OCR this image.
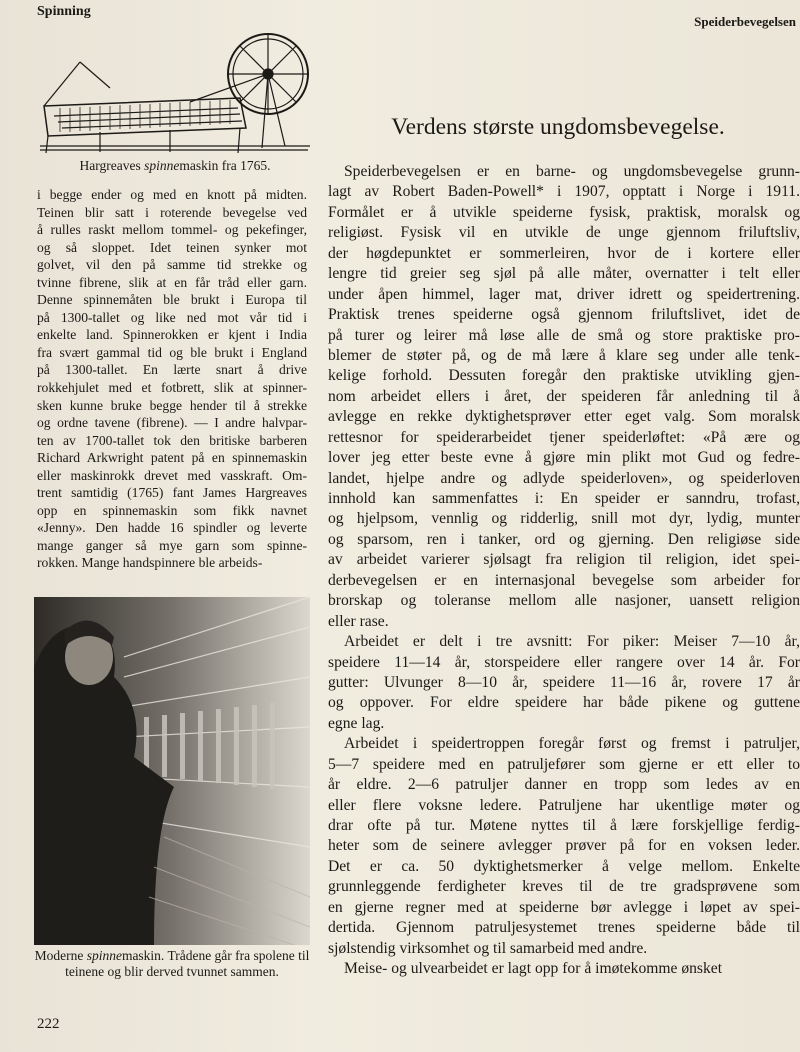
Spinning
Speiderbevegelsen
Hargreaves spinnemaskin fra 1765.
i begge ender og med en knott på midten.
Teinen blir satt i roterende bevegelse ved
å rulles raskt mellom tommel- og pekefinger,
og så sloppet. Idet teinen synker mot
golvet, vil den på samme tid strekke og
tvinne fibrene, slik at en får tråd eller garn.
Denne spinnemåten ble brukt i Europa til
på 1300-tallet og like ned mot vår tid i
enkelte land. Spinnerokken er kjent i India
fra svært gammal tid og ble brukt i England
på 1300-tallet. En lærte snart å drive
rokkehjulet med et fotbrett, slik at spinner-
sken kunne bruke begge hender til å strekke
og ordne tavene (fibrene). — I andre halvpar-
ten av 1700-tallet tok den britiske barberen
Richard Arkwright patent på en spinnemaskin
eller maskinrokk drevet med vasskraft. Om-
trent samtidig (1765) fant James Hargreaves
opp en spinnemaskin som fikk navnet
«Jenny». Den hadde 16 spindler og leverte
mange ganger så mye garn som spinne-
rokken. Mange handspinnere ble arbeids-
Moderne spinnemaskin. Trådene går fra spolene til teinene og blir derved tvunnet sammen.
222
Verdens største ungdomsbevegelse.
Speiderbevegelsen er en barne- og ungdomsbevegelse grunn-
lagt av Robert Baden-Powell* i 1907, opptatt i Norge i 1911.
Formålet er å utvikle speiderne fysisk, praktisk, moralsk og
religiøst. Fysisk vil en utvikle de unge gjennom friluftsliv,
der høgdepunktet er sommerleiren, hvor de i kortere eller
lengre tid greier seg sjøl på alle måter, overnatter i telt eller
under åpen himmel, lager mat, driver idrett og speidertrening.
Praktisk trenes speiderne også gjennom friluftslivet, idet de
på turer og leirer må løse alle de små og store praktiske pro-
blemer de støter på, og de må lære å klare seg under alle tenk-
kelige forhold. Dessuten foregår den praktiske utvikling gjen-
nom arbeidet ellers i året, der speideren får anledning til å
avlegge en rekke dyktighetsprøver etter eget valg. Som moralsk
rettesnor for speiderarbeidet tjener speiderløftet: «På ære og
lover jeg etter beste evne å gjøre min plikt mot Gud og fedre-
landet, hjelpe andre og adlyde speiderloven», og speiderloven
innhold kan sammenfattes i: En speider er sanndru, trofast,
og hjelpsom, vennlig og ridderlig, snill mot dyr, lydig, munter
og sparsom, ren i tanker, ord og gjerning. Den religiøse side
av arbeidet varierer sjølsagt fra religion til religion, idet spei-
derbevegelsen er en internasjonal bevegelse som arbeider for
brorskap og toleranse mellom alle nasjoner, uansett religion
eller rase.
Arbeidet er delt i tre avsnitt: For piker: Meiser 7—10 år,
speidere 11—14 år, storspeidere eller rangere over 14 år. For
gutter: Ulvunger 8—10 år, speidere 11—16 år, rovere 17 år
og oppover. For eldre speidere har både pikene og guttene
egne lag.
Arbeidet i speidertroppen foregår først og fremst i patruljer,
5—7 speidere med en patruljefører som gjerne er ett eller to
år eldre. 2—6 patruljer danner en tropp som ledes av en
eller flere voksne ledere. Patruljene har ukentlige møter og
drar ofte på tur. Møtene nyttes til å lære forskjellige ferdig-
heter som de seinere avlegger prøver på for en voksen leder.
Det er ca. 50 dyktighetsmerker å velge mellom. Enkelte
grunnleggende ferdigheter kreves til de tre gradsprøvene som
en gjerne regner med at speiderne bør avlegge i løpet av spei-
dertida. Gjennom patruljesystemet trenes speiderne både til
sjølstendig virksomhet og til samarbeid med andre.
Meise- og ulvearbeidet er lagt opp for å imøtekomme ønsket
